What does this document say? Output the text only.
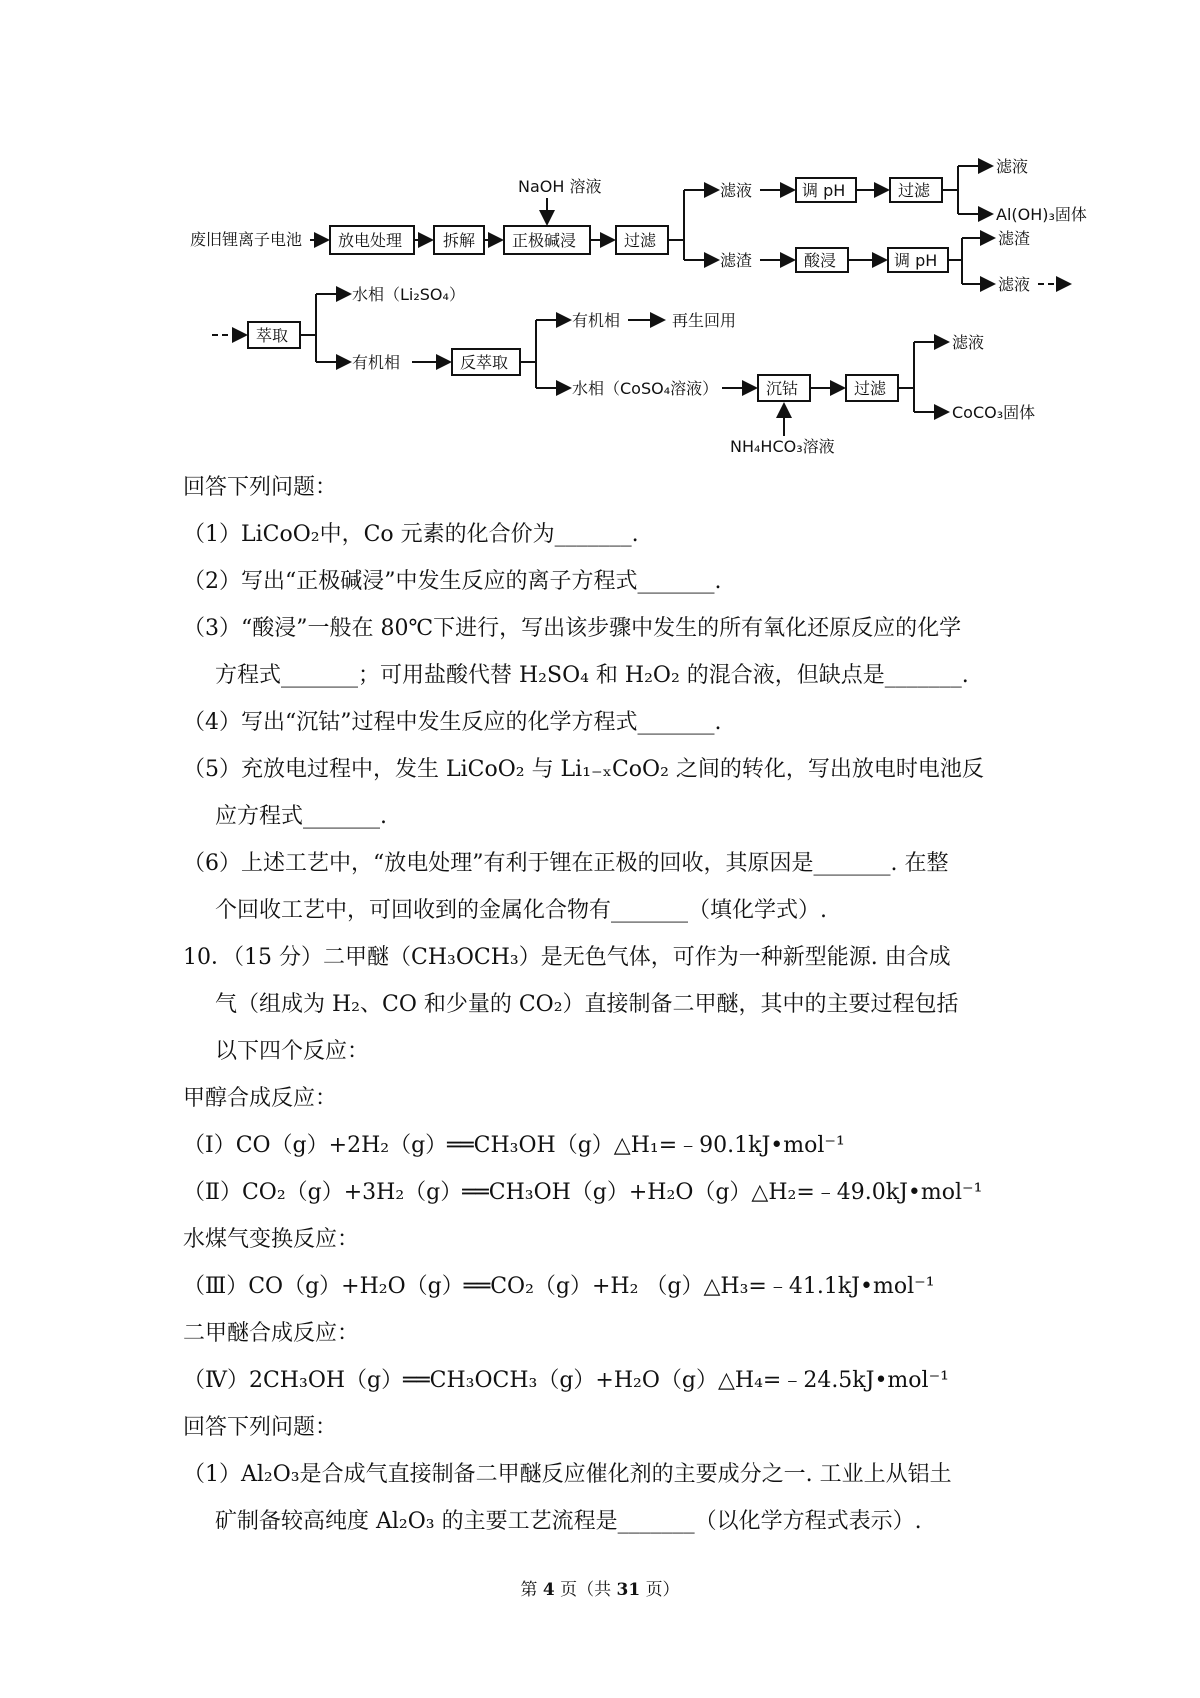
废旧锂离子电池 放电处理	拆解 正极碱浸
NaOH 溶液
过滤
滤液	调 pH	过滤
滤液
Al(OH)₃固体
滤渣	酸浸	调 pH
滤渣
滤液
萃取
水相（Li₂SO₄）
有机相	反萃取
有机相	再生回用
水相（CoSO₄溶液）	沉钴
NH₄HCO₃溶液
过滤
滤液
CoCO₃固体
回答下列问题：
（1）LiCoO₂中，Co 元素的化合价为_______.
（2）写出“正极碱浸”中发生反应的离子方程式_______.
（3）“酸浸”一般在 80℃下进行，写出该步骤中发生的所有氧化还原反应的化学
方程式_______；可用盐酸代替 H₂SO₄ 和 H₂O₂ 的混合液，但缺点是_______.
（4）写出“沉钴”过程中发生反应的化学方程式_______.
（5）充放电过程中，发生 LiCoO₂ 与 Li₁₋ₓCoO₂ 之间的转化，写出放电时电池反
应方程式_______.
（6）上述工艺中，“放电处理”有利于锂在正极的回收，其原因是_______. 在整
个回收工艺中，可回收到的金属化合物有_______（填化学式）.
10．（15 分）二甲醚（CH₃OCH₃）是无色气体，可作为一种新型能源. 由合成
气（组成为 H₂、CO 和少量的 CO₂）直接制备二甲醚，其中的主要过程包括
以下四个反应：
甲醇合成反应：
（Ⅰ）CO（g）+2H₂（g）══CH₃OH（g）△H₁=﹣90.1kJ•mol⁻¹
（Ⅱ）CO₂（g）+3H₂（g）══CH₃OH（g）+H₂O（g）△H₂=﹣49.0kJ•mol⁻¹
水煤气变换反应：
（Ⅲ）CO（g）+H₂O（g）══CO₂（g）+H₂ （g）△H₃=﹣41.1kJ•mol⁻¹
二甲醚合成反应：
（Ⅳ）2CH₃OH（g）══CH₃OCH₃（g）+H₂O（g）△H₄=﹣24.5kJ•mol⁻¹
回答下列问题：
（1）Al₂O₃是合成气直接制备二甲醚反应催化剂的主要成分之一. 工业上从铝土
矿制备较高纯度 Al₂O₃ 的主要工艺流程是_______（以化学方程式表示）.
第 4 页（共 31 页）
